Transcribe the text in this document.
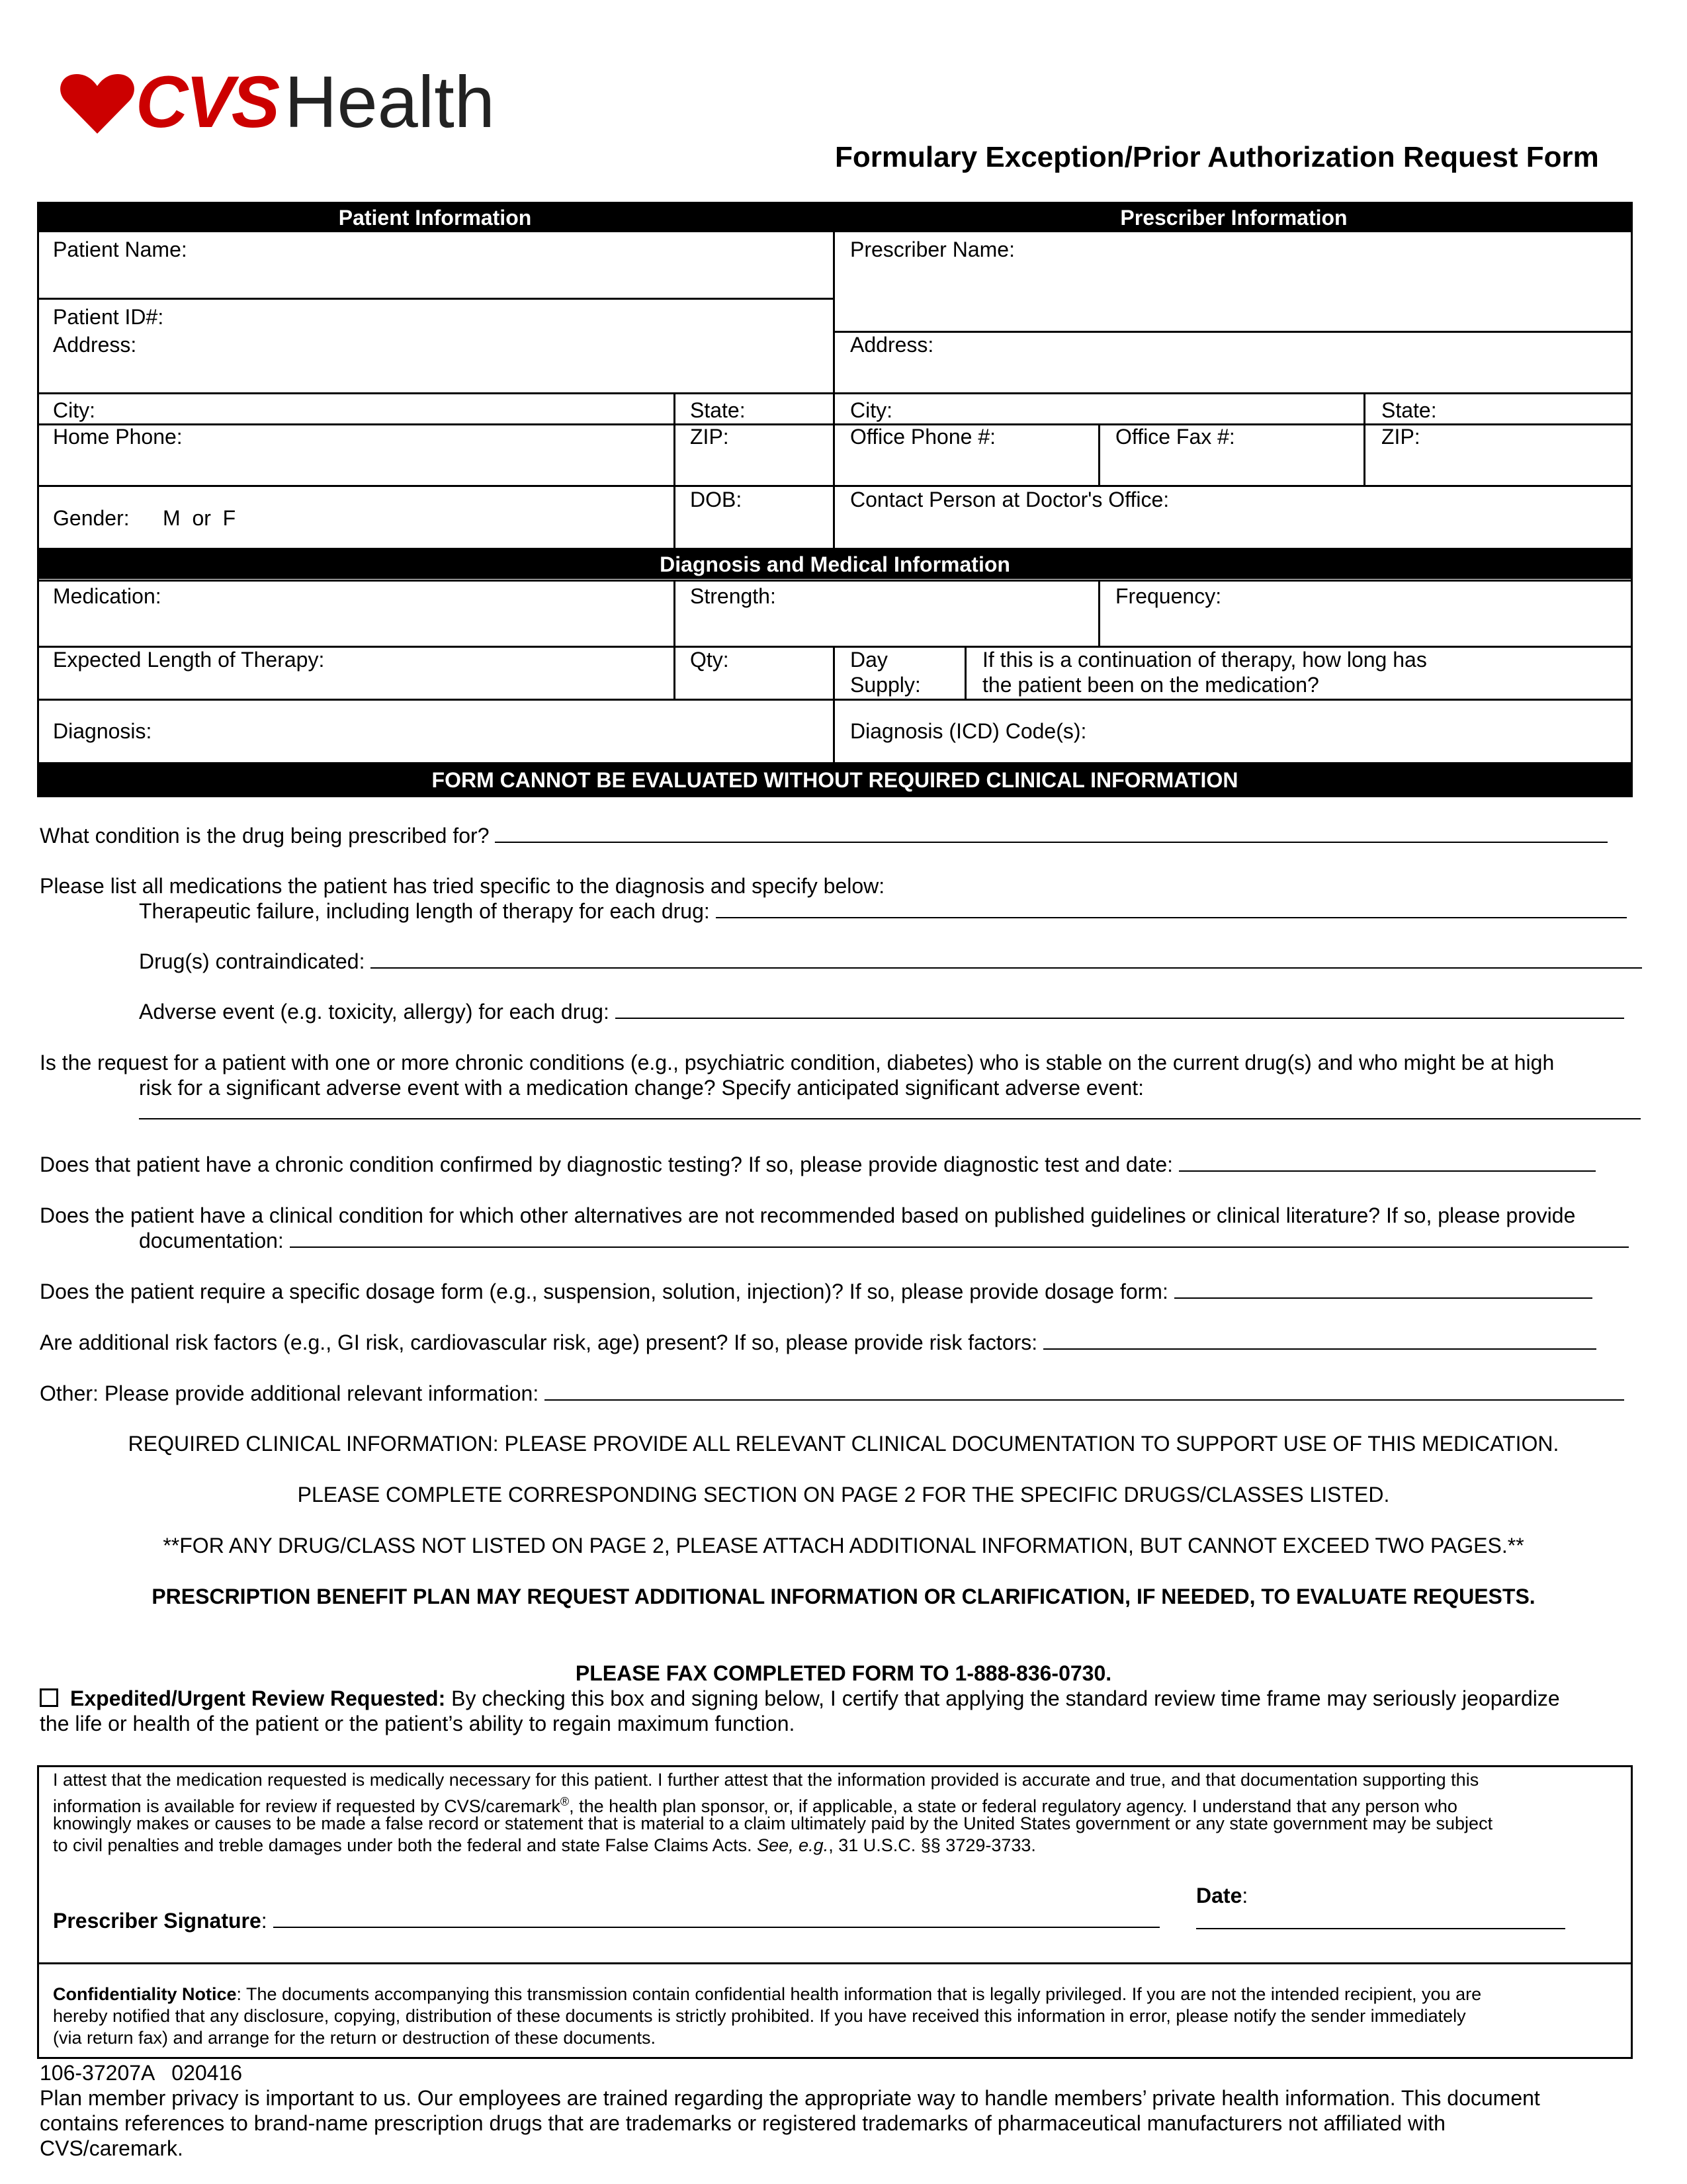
CVS Health
Formulary Exception/Prior Authorization Request Form
Patient Information	Prescriber Information
Patient Name:
Patient ID#:
Address:
City:	State:
Home Phone:	ZIP:
Gender: M  or  F
DOB:
Prescriber Name:
Address:
City:	State:
Office Phone #:	Office Fax #:	ZIP:
Contact Person at Doctor's Office:
Diagnosis and Medical Information
Medication:	Strength:	Frequency:
Expected Length of Therapy:	Qty:	Day
Supply:
If this is a continuation of therapy, how long has
the patient been on the medication?
Diagnosis:	Diagnosis (ICD) Code(s):
FORM CANNOT BE EVALUATED WITHOUT REQUIRED CLINICAL INFORMATION
What condition is the drug being prescribed for?
Please list all medications the patient has tried specific to the diagnosis and specify below:
Therapeutic failure, including length of therapy for each drug:
Drug(s) contraindicated:
Adverse event (e.g. toxicity, allergy) for each drug:
Is the request for a patient with one or more chronic conditions (e.g., psychiatric condition, diabetes) who is stable on the current drug(s) and who might be at high
risk for a significant adverse event with a medication change? Specify anticipated significant adverse event:
Does that patient have a chronic condition confirmed by diagnostic testing? If so, please provide diagnostic test and date:
Does the patient have a clinical condition for which other alternatives are not recommended based on published guidelines or clinical literature? If so, please provide
documentation:
Does the patient require a specific dosage form (e.g., suspension, solution, injection)? If so, please provide dosage form:
Are additional risk factors (e.g., GI risk, cardiovascular risk, age) present? If so, please provide risk factors:
Other: Please provide additional relevant information:
REQUIRED CLINICAL INFORMATION: PLEASE PROVIDE ALL RELEVANT CLINICAL DOCUMENTATION TO SUPPORT USE OF THIS MEDICATION.
PLEASE COMPLETE CORRESPONDING SECTION ON PAGE 2 FOR THE SPECIFIC DRUGS/CLASSES LISTED.
**FOR ANY DRUG/CLASS NOT LISTED ON PAGE 2, PLEASE ATTACH ADDITIONAL INFORMATION, BUT CANNOT EXCEED TWO PAGES.**
PRESCRIPTION BENEFIT PLAN MAY REQUEST ADDITIONAL INFORMATION OR CLARIFICATION, IF NEEDED, TO EVALUATE REQUESTS.
PLEASE FAX COMPLETED FORM TO 1-888-836-0730.
Expedited/Urgent Review Requested: By checking this box and signing below, I certify that applying the standard review time frame may seriously jeopardize
the life or health of the patient or the patient’s ability to regain maximum function.
I attest that the medication requested is medically necessary for this patient. I further attest that the information provided is accurate and true, and that documentation supporting this
information is available for review if requested by CVS/caremark®, the health plan sponsor, or, if applicable, a state or federal regulatory agency. I understand that any person who
knowingly makes or causes to be made a false record or statement that is material to a claim ultimately paid by the United States government or any state government may be subject
to civil penalties and treble damages under both the federal and state False Claims Acts. See, e.g., 31 U.S.C. §§ 3729-3733.
Prescriber Signature:
Date:
Confidentiality Notice: The documents accompanying this transmission contain confidential health information that is legally privileged. If you are not the intended recipient, you are
hereby notified that any disclosure, copying, distribution of these documents is strictly prohibited. If you have received this information in error, please notify the sender immediately
(via return fax) and arrange for the return or destruction of these documents.
106-37207A   020416
Plan member privacy is important to us. Our employees are trained regarding the appropriate way to handle members’ private health information. This document
contains references to brand-name prescription drugs that are trademarks or registered trademarks of pharmaceutical manufacturers not affiliated with
CVS/caremark.
